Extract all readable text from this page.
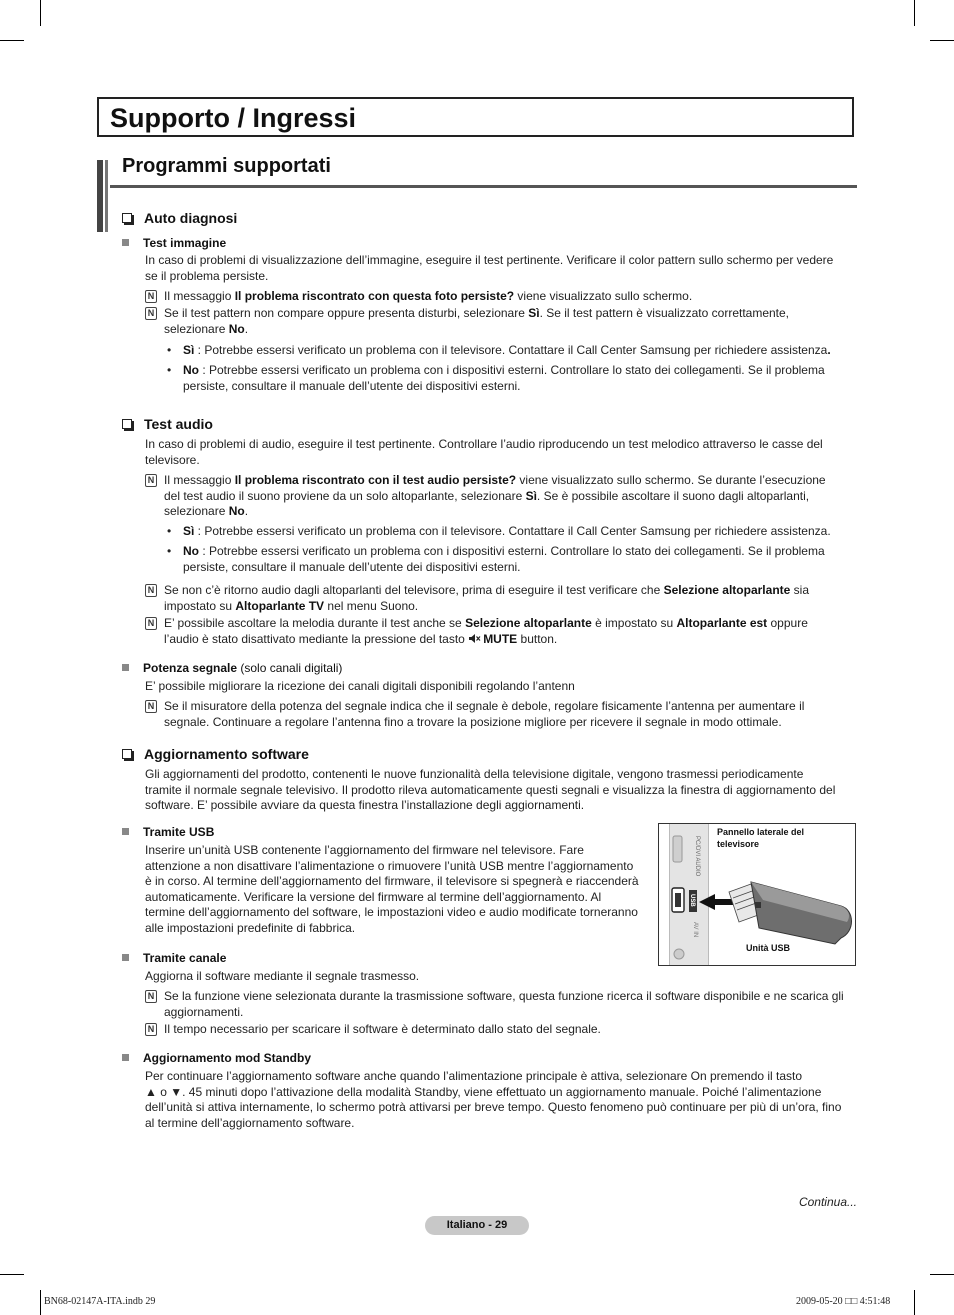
Supporto / Ingressi
Programmi supportati
Auto diagnosi
Test immagine
In caso di problemi di visualizzazione dell’immagine, eseguire il test pertinente. Verificare il color pattern sullo schermo per vedere
se il problema persiste.
N Il messaggio Il problema riscontrato con questa foto persiste? viene visualizzato sullo schermo.
N Se il test pattern non compare oppure presenta disturbi, selezionare Sì. Se il test pattern è visualizzato correttamente,
selezionare No.
• Sì : Potrebbe essersi verificato un problema con il televisore. Contattare il Call Center Samsung per richiedere assistenza.
• No : Potrebbe essersi verificato un problema con i dispositivi esterni. Controllare lo stato dei collegamenti. Se il problema
persiste, consultare il manuale dell’utente dei dispositivi esterni.
Test audio
In caso di problemi di audio, eseguire il test pertinente. Controllare l’audio riproducendo un test melodico attraverso le casse del
televisore.
N Il messaggio Il problema riscontrato con il test audio persiste? viene visualizzato sullo schermo. Se durante l’esecuzione
del test audio il suono proviene da un solo altoparlante, selezionare Sì. Se è possibile ascoltare il suono dagli altoparlanti,
selezionare No.
• Sì : Potrebbe essersi verificato un problema con il televisore. Contattare il Call Center Samsung per richiedere assistenza.
• No : Potrebbe essersi verificato un problema con i dispositivi esterni. Controllare lo stato dei collegamenti. Se il problema
persiste, consultare il manuale dell’utente dei dispositivi esterni.
N Se non c’è ritorno audio dagli altoparlanti del televisore, prima di eseguire il test verificare che Selezione altoparlante sia
impostato su Altoparlante TV nel menu Suono.
N E’ possibile ascoltare la melodia durante il test anche se Selezione altoparlante è impostato su Altoparlante est oppure
l’audio è stato disattivato mediante la pressione del tasto MUTE button.
Potenza segnale (solo canali digitali)
E’ possibile migliorare la ricezione dei canali digitali disponibili regolando l’antenn
N Se il misuratore della potenza del segnale indica che il segnale è debole, regolare fisicamente l’antenna per aumentare il
segnale. Continuare a regolare l’antenna fino a trovare la posizione migliore per ricevere il segnale in modo ottimale.
Aggiornamento software
Gli aggiornamenti del prodotto, contenenti le nuove funzionalità della televisione digitale, vengono trasmessi periodicamente
tramite il normale segnale televisivo. Il prodotto rileva automaticamente questi segnali e visualizza la finestra di aggiornamento del
software. E’ possibile avviare da questa finestra l’installazione degli aggiornamenti.
Tramite USB
Inserire un’unità USB contenente l’aggiornamento del firmware nel televisore. Fare
attenzione a non disattivare l’alimentazione o rimuovere l’unità USB mentre l’aggiornamento
è in corso. Al termine dell’aggiornamento del firmware, il televisore si spegnerà e riaccenderà
automaticamente. Verificare la versione del firmware al termine dell’aggiornamento. Al
termine dell’aggiornamento del software, le impostazioni video e audio modificate torneranno
alle impostazioni predefinite di fabbrica.
Pannello laterale del
televisore
PC/DVI AUDIO
USB
AV IN
Unità USB
Tramite canale
Aggiorna il software mediante il segnale trasmesso.
N Se la funzione viene selezionata durante la trasmissione software, questa funzione ricerca il software disponibile e ne scarica gli
aggiornamenti.
N Il tempo necessario per scaricare il software è determinato dallo stato del segnale.
Aggiornamento mod Standby
Per continuare l’aggiornamento software anche quando l’alimentazione principale è attiva, selezionare On premendo il tasto
▲ o ▼. 45 minuti dopo l’attivazione della modalità Standby, viene effettuato un aggiornamento manuale. Poiché l’alimentazione
dell’unità si attiva internamente, lo schermo potrà attivarsi per breve tempo. Questo fenomeno può continuare per più di un’ora, fino
al termine dell’aggiornamento software.
Continua...
Italiano - 29
BN68-02147A-ITA.indb 29	2009-05-20 □□ 4:51:48
